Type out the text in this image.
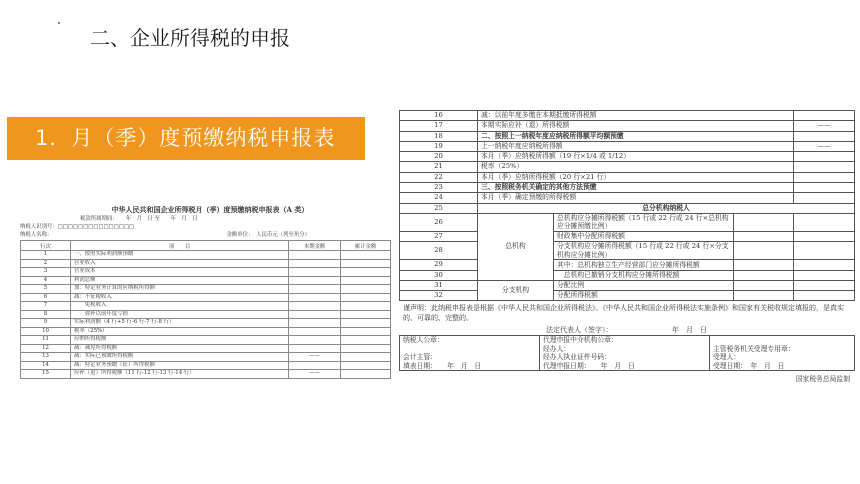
二、企业所得税的申报
1．月（季）度预缴纳税申报表
中华人民共和国企业所得税月（季）度预缴纳税申报表（A 类）
税款所属期间：　　年　月　日 至　　年　月　日
纳税人识别号：□□□□□□□□□□□□□□□
纳税人名称：	金额单位：　人民币元（列至角分）
行次	项　　目	本期金额	累计金额
1	一、按照实际利润额预缴		
2	营业收入		
3	营业成本		
4	利润总额		
5	加：特定业务计算的应纳税所得额		
6	减：不征税收入		
7	　　免税收入		
8	　　弥补以前年度亏损		
9	实际利润额（4 行+5 行-6 行-7 行-8 行）		
10	税率（25%）		
11	应纳所得税额		
12	减：减免所得税额		
13	减：实际已预缴所得税额	——	
14	减：特定业务预缴（征）所得税额		
15	应补（退）所得税额（11 行-12 行-13 行-14 行）	——	
16	减：以前年度多缴在本期抵缴所得税额			
17	本期实际应补（退）所得税额			——
18	二、按照上一纳税年度应纳税所得额平均额预缴			
19	上一纳税年度应纳税所得额			——
20	本月（季）应纳税所得额（19 行×1/4 或 1/12）			
21	税率（25%）			
22	本月（季）应纳所得税额（20 行×21 行）			
23	三、按照税务机关确定的其他方法预缴			
24	本月（季）确定预缴的所得税额			
25	总分机构纳税人			
26	总机构	总机构应分摊所得税额（15 行或 22 行或 24 行×总机构应分摊预缴比例）		
27		财政集中分配所得税额		
28		分支机构应分摊所得税额（15 行或 22 行或 24 行×分支机构应分摊比例）		
29		其中：总机构独立生产经营部门应分摊所得税额		
30		　总机构已撤销分支机构应分摊所得税额		
31	分支机构	分配比例		
32		分配所得税额		
谨声明：此纳税申报表是根据《中华人民共和国企业所得税法》、《中华人民共和国企业所得税法实施条例》和国家有关税收规定填报的，是真实的、可靠的、完整的。
法定代表人（签字）：　　　　　　　　　年　月　日
纳税人公章：

会计主管：
填表日期：　　年　月　日

代理申报中介机构公章：
经办人：
经办人执业证件号码：
代理申报日期：　　年　月　日

主管税务机关受理专用章：
受理人：
受理日期：　年　月　日
国家税务总局监制
